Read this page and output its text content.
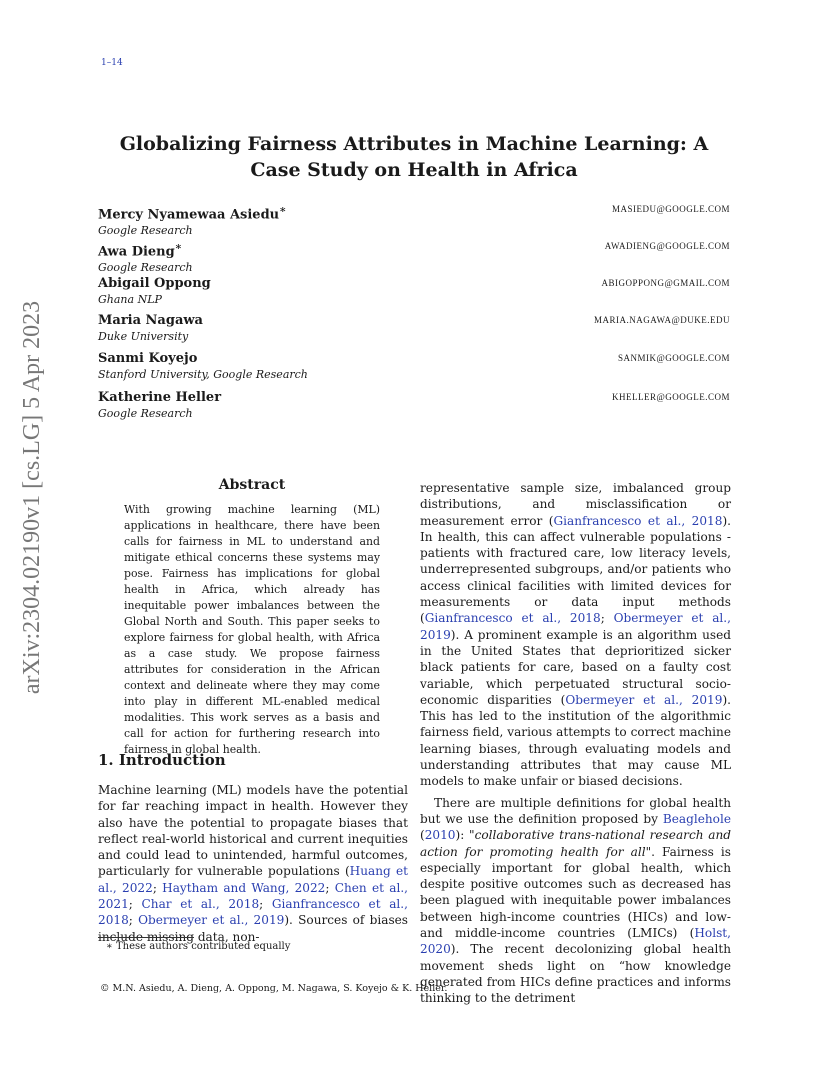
1–14
arXiv:2304.02190v1 [cs.LG] 5 Apr 2023
Globalizing Fairness Attributes in Machine Learning: A Case Study on Health in Africa
Mercy Nyamewaa Asiedu∗
Google Research
MASIEDU@GOOGLE.COM
Awa Dieng∗
Google Research
AWADIENG@GOOGLE.COM
Abigail Oppong
Ghana NLP
ABIGOPPONG@GMAIL.COM
Maria Nagawa
Duke University
MARIA.NAGAWA@DUKE.EDU
Sanmi Koyejo
Stanford University, Google Research
SANMIK@GOOGLE.COM
Katherine Heller
Google Research
KHELLER@GOOGLE.COM
Abstract
With growing machine learning (ML) applications in healthcare, there have been calls for fairness in ML to understand and mitigate ethical concerns these systems may pose. Fairness has implications for global health in Africa, which already has inequitable power imbalances between the Global North and South. This paper seeks to explore fairness for global health, with Africa as a case study. We propose fairness attributes for consideration in the African context and delineate where they may come into play in different ML-enabled medical modalities. This work serves as a basis and call for action for furthering research into fairness in global health.
1. Introduction
Machine learning (ML) models have the potential for far reaching impact in health. However they also have the potential to propagate biases that reflect real-world historical and current inequities and could lead to unintended, harmful outcomes, particularly for vulnerable populations (Huang et al., 2022; Haytham and Wang, 2022; Chen et al., 2021; Char et al., 2018; Gianfrancesco et al., 2018; Obermeyer et al., 2019). Sources of biases include missing data, non-

representative sample size, imbalanced group distributions, and misclassification or measurement error (Gianfrancesco et al., 2018). In health, this can affect vulnerable populations - patients with fractured care, low literacy levels, underrepresented subgroups, and/or patients who access clinical facilities with limited devices for measurements or data input methods (Gianfrancesco et al., 2018; Obermeyer et al., 2019). A prominent example is an algorithm used in the United States that deprioritized sicker black patients for care, based on a faulty cost variable, which perpetuated structural socio-economic disparities (Obermeyer et al., 2019). This has led to the institution of the algorithmic fairness field, various attempts to correct machine learning biases, through evaluating models and understanding attributes that may cause ML models to make unfair or biased decisions.

There are multiple definitions for global health but we use the definition proposed by Beaglehole (2010): "collaborative trans-national research and action for promoting health for all". Fairness is especially important for global health, which despite positive outcomes such as decreased has been plagued with inequitable power imbalances between high-income countries (HICs) and low- and middle-income countries (LMICs) (Holst, 2020). The recent decolonizing global health movement sheds light on “how knowledge generated from HICs define practices and informs thinking to the detriment

∗ These authors contributed equally
© M.N. Asiedu, A. Dieng, A. Oppong, M. Nagawa, S. Koyejo & K. Heller.
